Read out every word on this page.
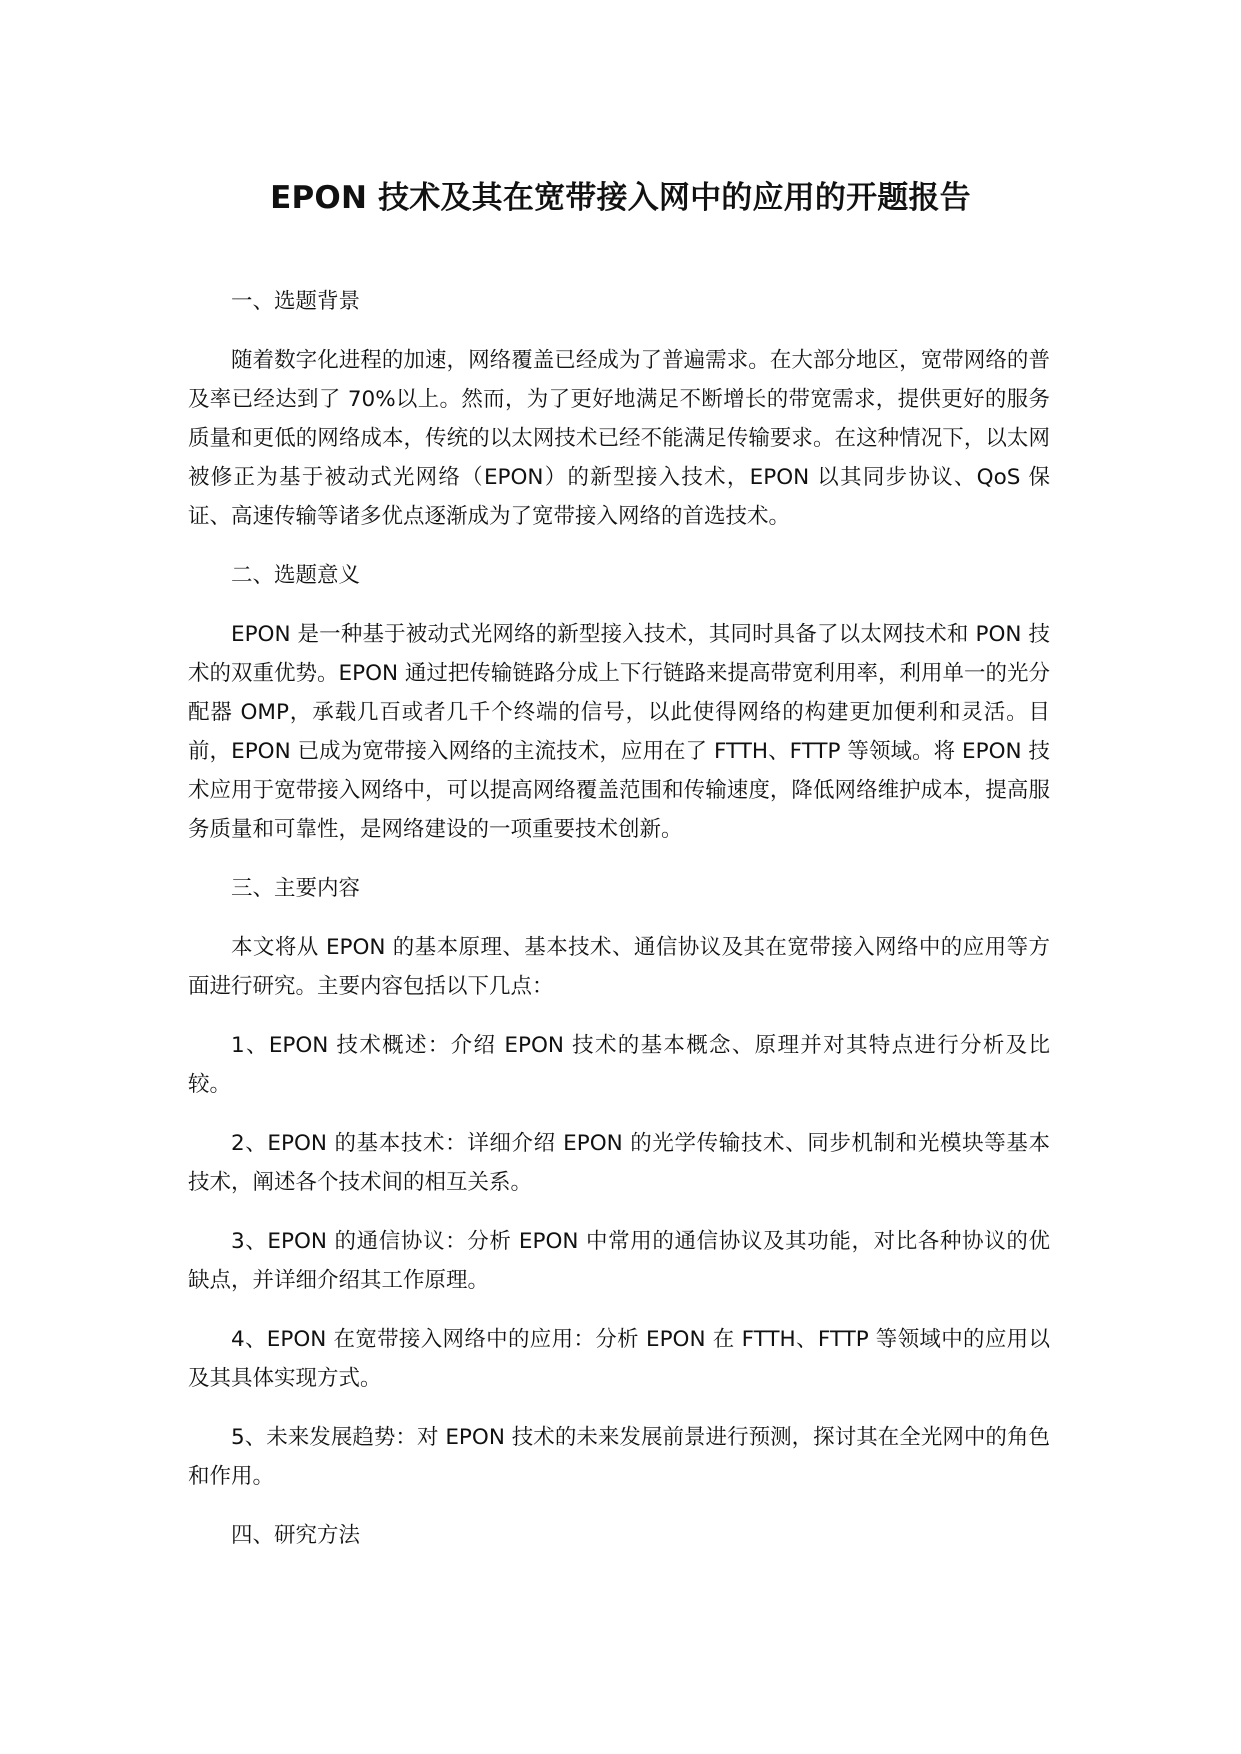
EPON 技术及其在宽带接入网中的应用的开题报告

一、选题背景

随着数字化进程的加速，网络覆盖已经成为了普遍需求。在大部分地区，宽带网络的普及率已经达到了 70%以上。然而，为了更好地满足不断增长的带宽需求，提供更好的服务质量和更低的网络成本，传统的以太网技术已经不能满足传输要求。在这种情况下，以太网被修正为基于被动式光网络（EPON）的新型接入技术，EPON 以其同步协议、QoS 保证、高速传输等诸多优点逐渐成为了宽带接入网络的首选技术。

二、选题意义

EPON 是一种基于被动式光网络的新型接入技术，其同时具备了以太网技术和 PON 技术的双重优势。EPON 通过把传输链路分成上下行链路来提高带宽利用率，利用单一的光分配器 OMP，承载几百或者几千个终端的信号，以此使得网络的构建更加便利和灵活。目前，EPON 已成为宽带接入网络的主流技术，应用在了 FTTH、FTTP 等领域。将 EPON 技术应用于宽带接入网络中，可以提高网络覆盖范围和传输速度，降低网络维护成本，提高服务质量和可靠性，是网络建设的一项重要技术创新。

三、主要内容

本文将从 EPON 的基本原理、基本技术、通信协议及其在宽带接入网络中的应用等方面进行研究。主要内容包括以下几点：

1、EPON 技术概述：介绍 EPON 技术的基本概念、原理并对其特点进行分析及比较。

2、EPON 的基本技术：详细介绍 EPON 的光学传输技术、同步机制和光模块等基本技术，阐述各个技术间的相互关系。

3、EPON 的通信协议：分析 EPON 中常用的通信协议及其功能，对比各种协议的优缺点，并详细介绍其工作原理。

4、EPON 在宽带接入网络中的应用：分析 EPON 在 FTTH、FTTP 等领域中的应用以及其具体实现方式。

5、未来发展趋势：对 EPON 技术的未来发展前景进行预测，探讨其在全光网中的角色和作用。

四、研究方法
